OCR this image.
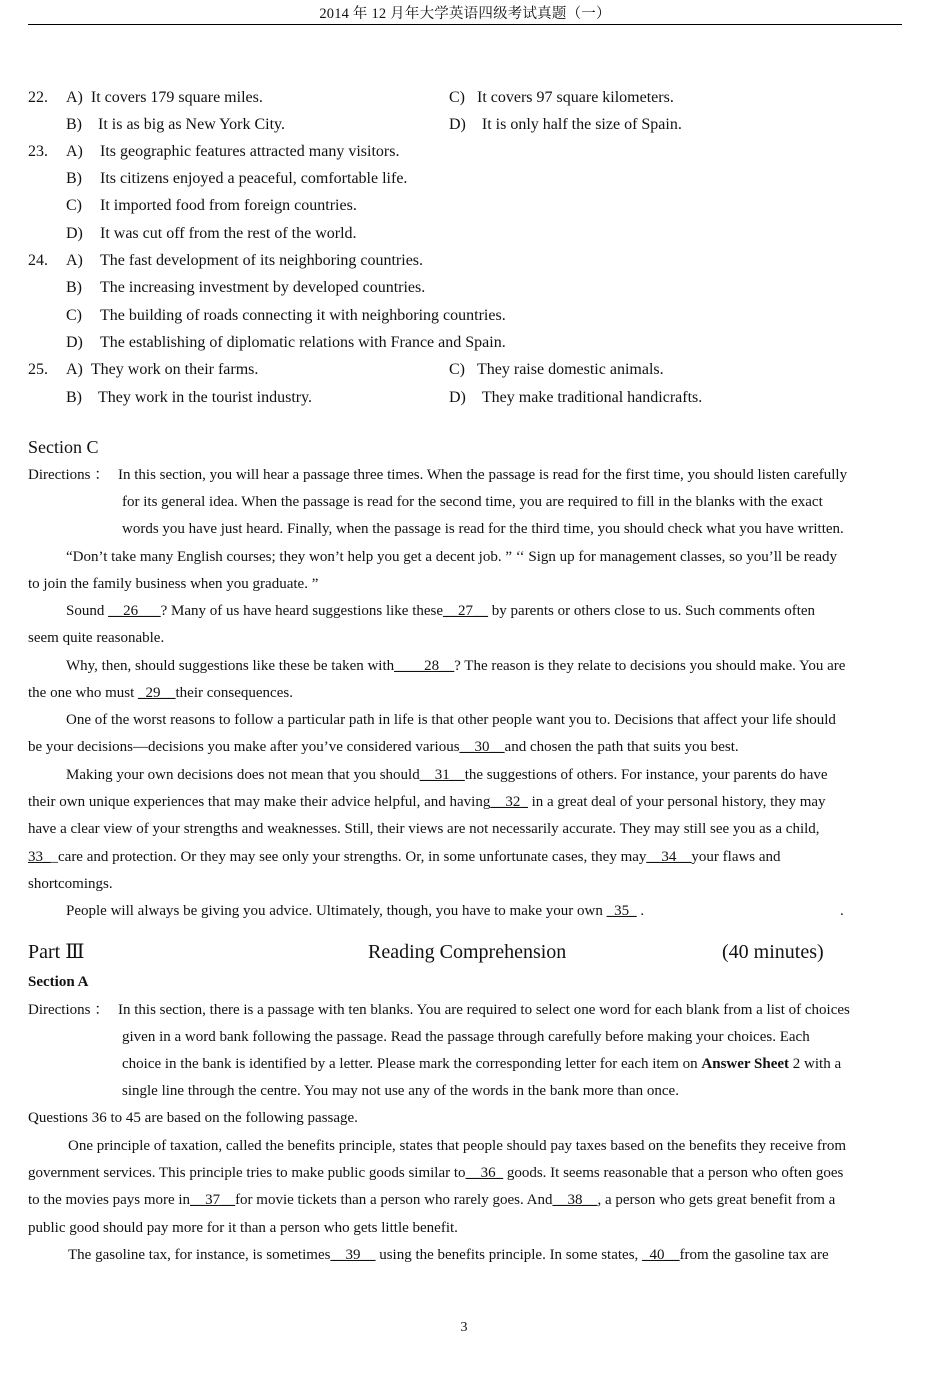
2014 年 12 月年大学英语四级考试真题（一）
22. A) It covers 179 square miles.	C) It covers 97 square kilometers.
B) It is as big as New York City.	D) It is only half the size of Spain.
23. A) Its geographic features attracted many visitors.
B) Its citizens enjoyed a peaceful, comfortable life.
C) It imported food from foreign countries.
D) It was cut off from the rest of the world.
24. A) The fast development of its neighboring countries.
B) The increasing investment by developed countries.
C) The building of roads connecting it with neighboring countries.
D) The establishing of diplomatic relations with France and Spain.
25. A) They work on their farms.	C) They raise domestic animals.
B) They work in the tourist industry.	D) They make traditional handicrafts.
Section C
Directions ： In this section, you will hear a passage three times. When the passage is read for the first time, you should listen carefully
for its general idea. When the passage is read for the second time, you are required to fill in the blanks with the exact
words you have just heard. Finally, when the passage is read for the third time, you should check what you have written.
“Don’t take many English courses; they won’t help you get a decent job. ” ‘‘ Sign up for management classes, so you’ll be ready
to join the family business when you graduate. ”
Sound __26___? Many of us have heard suggestions like these__27__ by parents or others close to us. Such comments often
seem quite reasonable.
Why, then, should suggestions like these be taken with____28__? The reason is they relate to decisions you should make. You are
the one who must _29__their consequences.
One of the worst reasons to follow a particular path in life is that other people want you to. Decisions that affect your life should
be your decisions—decisions you make after you’ve considered various__30__and chosen the path that suits you best.
Making your own decisions does not mean that you should__31__the suggestions of others. For instance, your parents do have
their own unique experiences that may make their advice helpful, and having__32_ in a great deal of your personal history, they may
have a clear view of your strengths and weaknesses. Still, their views are not necessarily accurate. They may still see you as a child,
33__care and protection. Or they may see only your strengths. Or, in some unfortunate cases, they may__34__your flaws and
shortcomings.
People will always be giving you advice. Ultimately, though, you have to make your own _35_ .	.
Part Ⅲ	Reading Comprehension	(40 minutes)
Section A
Directions ： In this section, there is a passage with ten blanks. You are required to select one word for each blank from a list of choices
given in a word bank following the passage. Read the passage through carefully before making your choices. Each
choice in the bank is identified by a letter. Please mark the corresponding letter for each item on Answer Sheet 2 with a
single line through the centre. You may not use any of the words in the bank more than once.
Questions 36 to 45 are based on the following passage.
One principle of taxation, called the benefits principle, states that people should pay taxes based on the benefits they receive from
government services. This principle tries to make public goods similar to__36_ goods. It seems reasonable that a person who often goes
to the movies pays more in__37__for movie tickets than a person who rarely goes. And__38__, a person who gets great benefit from a
public good should pay more for it than a person who gets little benefit.
The gasoline tax, for instance, is sometimes__39__ using the benefits principle. In some states, _40__from the gasoline tax are
3
